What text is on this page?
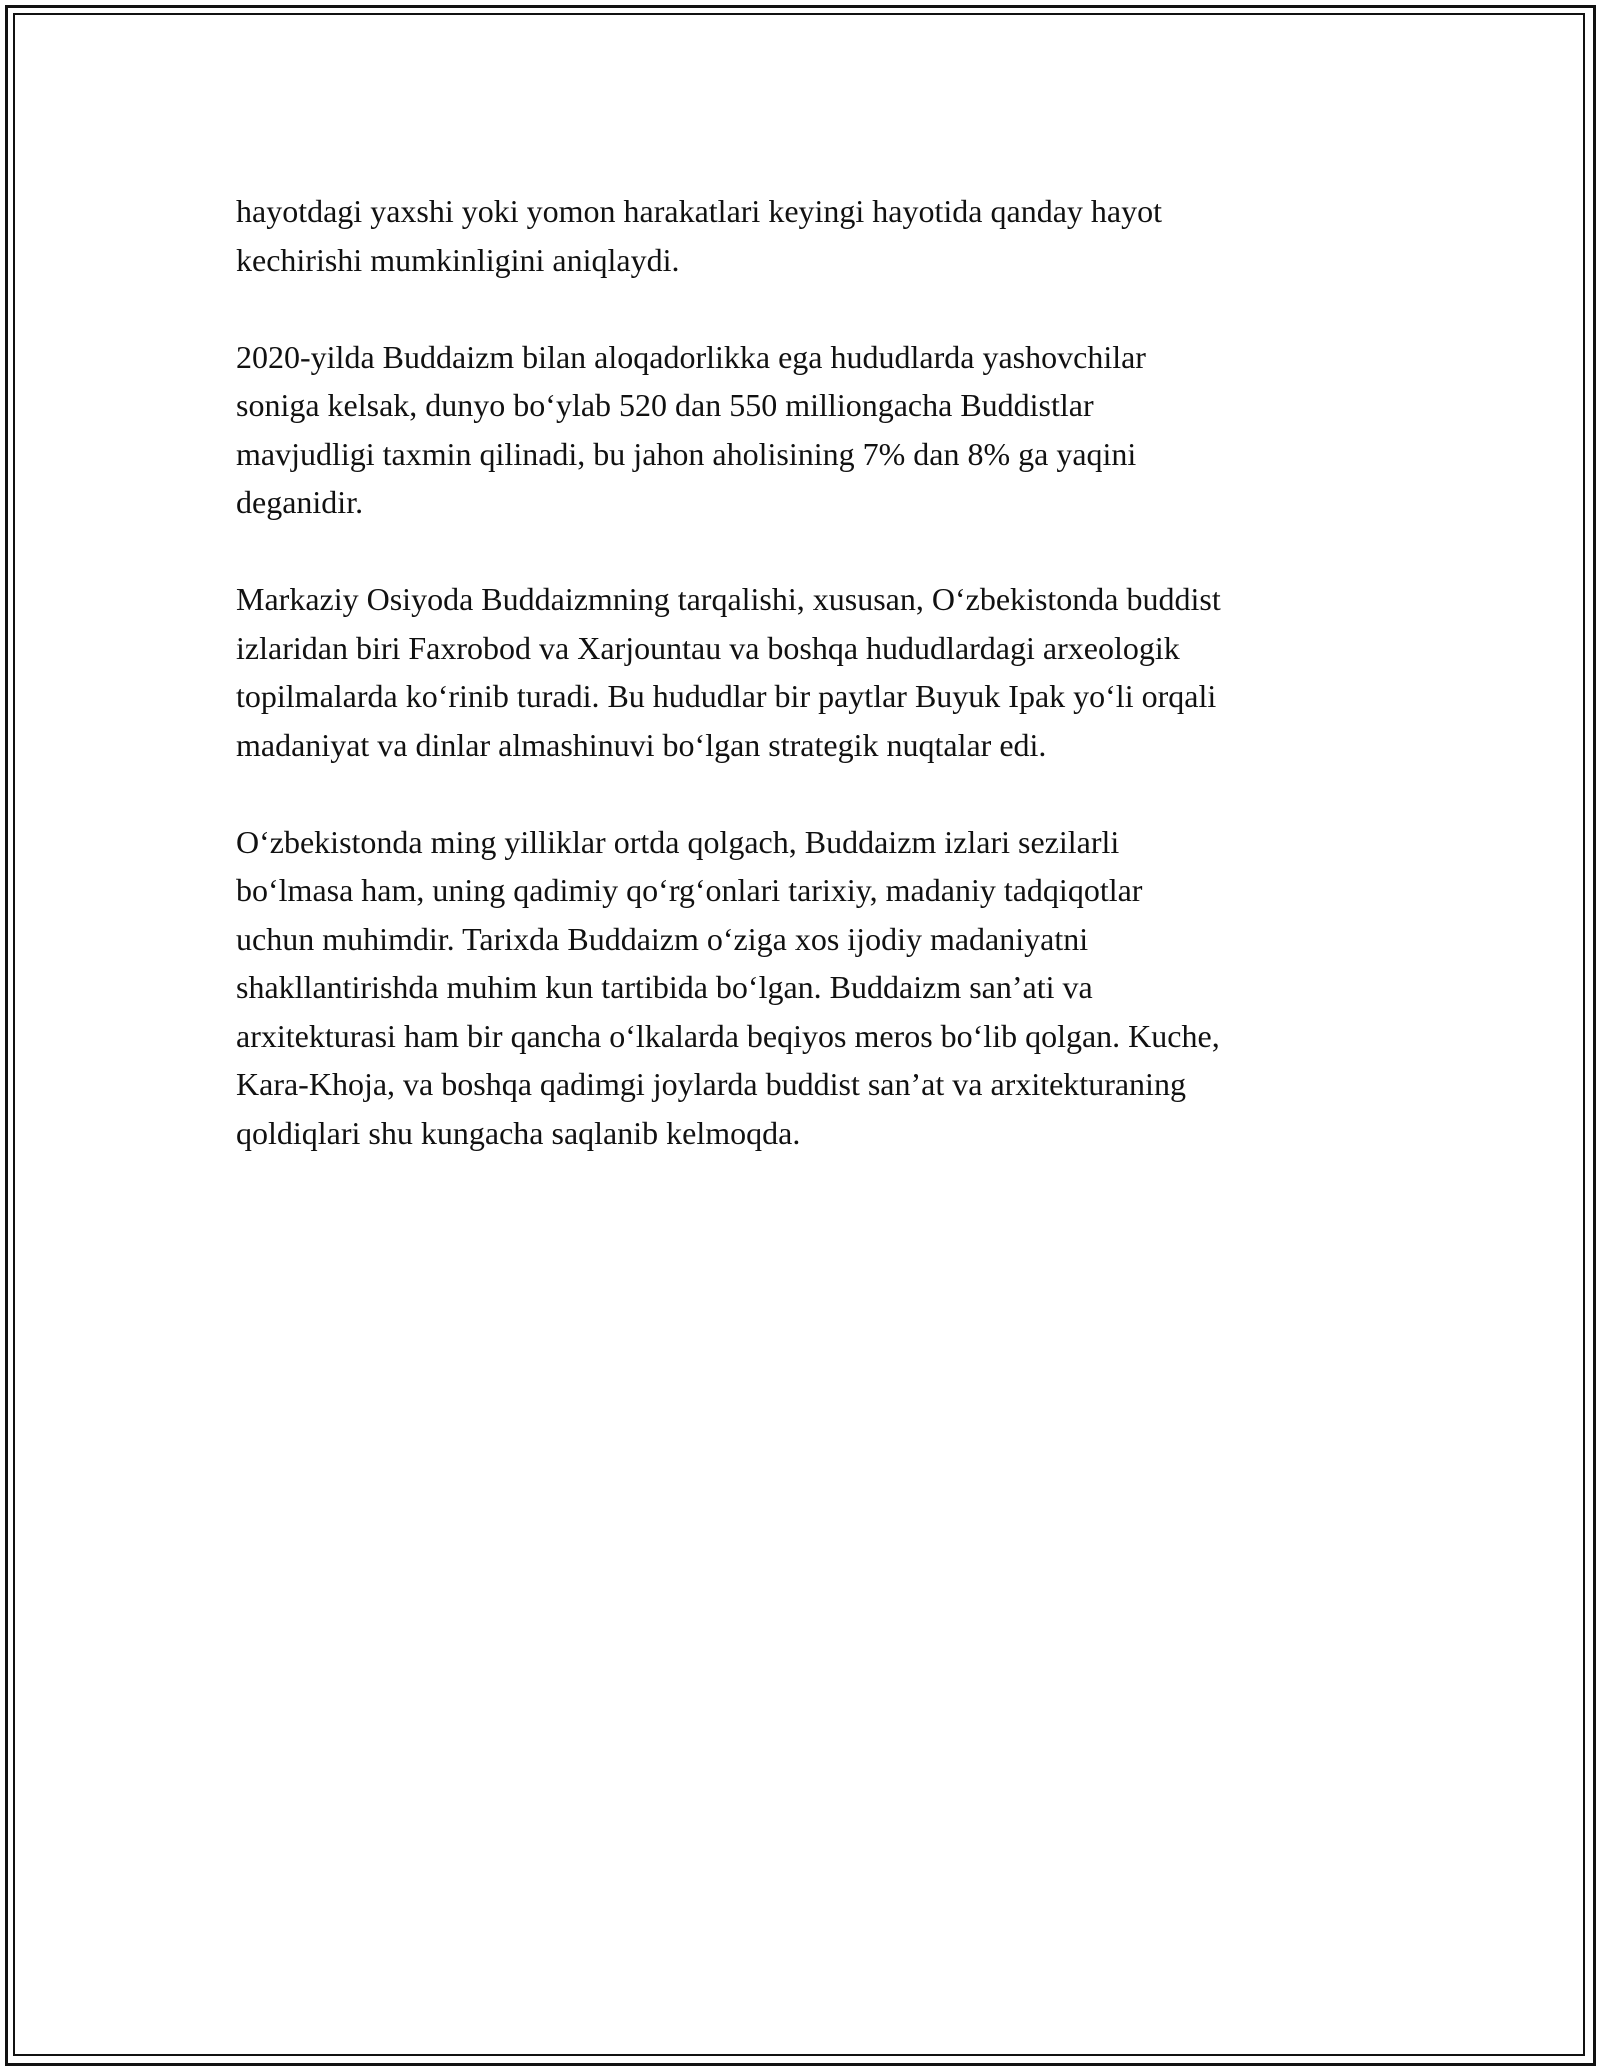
hayotdagi yaxshi yoki yomon harakatlari keyingi hayotida qanday hayot
kechirishi mumkinligini aniqlaydi.

2020-yilda Buddaizm bilan aloqadorlikka ega hududlarda yashovchilar
soniga kelsak, dunyo bo‘ylab 520 dan 550 milliongacha Buddistlar
mavjudligi taxmin qilinadi, bu jahon aholisining 7% dan 8% ga yaqini
deganidir.

Markaziy Osiyoda Buddaizmning tarqalishi, xususan, O‘zbekistonda buddist
izlaridan biri Faxrobod va Xarjountau va boshqa hududlardagi arxeologik
topilmalarda ko‘rinib turadi. Bu hududlar bir paytlar Buyuk Ipak yo‘li orqali
madaniyat va dinlar almashinuvi bo‘lgan strategik nuqtalar edi.

O‘zbekistonda ming yilliklar ortda qolgach, Buddaizm izlari sezilarli
bo‘lmasa ham, uning qadimiy qo‘rg‘onlari tarixiy, madaniy tadqiqotlar
uchun muhimdir. Tarixda Buddaizm o‘ziga xos ijodiy madaniyatni
shakllantirishda muhim kun tartibida bo‘lgan. Buddaizm san’ati va
arxitekturasi ham bir qancha o‘lkalarda beqiyos meros bo‘lib qolgan. Kuche,
Kara-Khoja, va boshqa qadimgi joylarda buddist san’at va arxitekturaning
qoldiqlari shu kungacha saqlanib kelmoqda.
